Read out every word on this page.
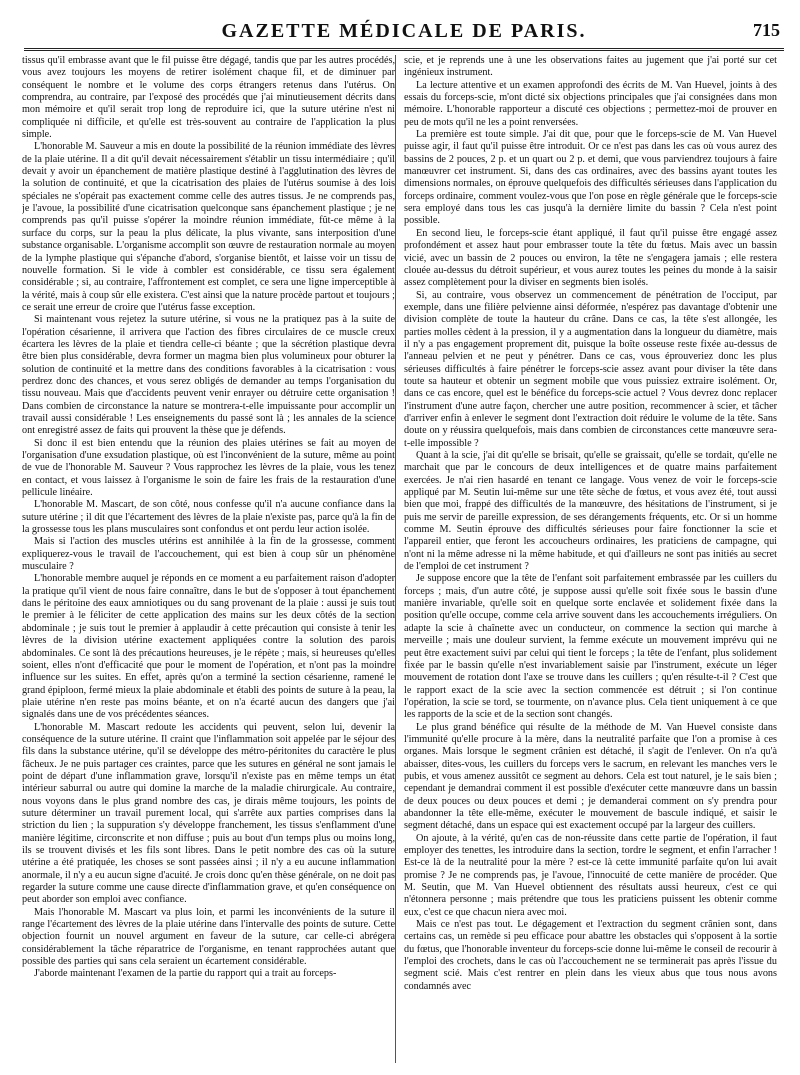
GAZETTE MÉDICALE DE PARIS.	715

tissus qu'il embrasse avant que le fil puisse être dégagé, tandis que par les autres procédés, vous avez toujours les moyens de retirer isolément chaque fil, et de diminuer par conséquent le nombre et le volume des corps étrangers retenus dans l'utérus. On comprendra, au contraire, par l'exposé des procédés que j'ai minutieusement décrits dans mon mémoire et qu'il serait trop long de reproduire ici, que la suture utérine n'est ni compliquée ni difficile, et qu'elle est très-souvent au contraire de l'application la plus simple.

L'honorable M. Sauveur a mis en doute la possibilité de la réunion immédiate des lèvres de la plaie utérine. Il a dit qu'il devait nécessairement s'établir un tissu intermédiaire ; qu'il devait y avoir un épanchement de matière plastique destiné à l'agglutination des lèvres de la solution de continuité, et que la cicatrisation des plaies de l'utérus soumise à des lois spéciales ne s'opérait pas exactement comme celle des autres tissus. Je ne comprends pas, je l'avoue, la possibilité d'une cicatrisation quelconque sans épanchement plastique ; je ne comprends pas qu'il puisse s'opérer la moindre réunion immédiate, fût-ce même à la surface du corps, sur la peau la plus délicate, la plus vivante, sans interposition d'une substance organisable. L'organisme accomplit son œuvre de restauration normale au moyen de la lymphe plastique qui s'épanche d'abord, s'organise bientôt, et laisse voir un tissu de nouvelle formation. Si le vide à combler est considérable, ce tissu sera également considérable ; si, au contraire, l'affrontement est complet, ce sera une ligne imperceptible à la vérité, mais à coup sûr elle existera. C'est ainsi que la nature procède partout et toujours ; ce serait une erreur de croire que l'utérus fasse exception.

Si maintenant vous rejetez la suture utérine, si vous ne la pratiquez pas à la suite de l'opération césarienne, il arrivera que l'action des fibres circulaires de ce muscle creux écartera les lèvres de la plaie et tiendra celle-ci béante ; que la sécrétion plastique devra être bien plus considérable, devra former un magma bien plus volumineux pour obturer la solution de continuité et la mettre dans des conditions favorables à la cicatrisation : vous perdrez donc des chances, et vous serez obligés de demander au temps l'organisation du tissu nouveau. Mais que d'accidents peuvent venir enrayer ou détruire cette organisation ! Dans combien de circonstance la nature se montrera-t-elle impuissante pour accomplir un travail aussi considérable ! Les enseignements du passé sont là ; les annales de la science ont enregistré assez de faits qui prouvent la thèse que je défends.

Si donc il est bien entendu que la réunion des plaies utérines se fait au moyen de l'organisation d'une exsudation plastique, où est l'inconvénient de la suture, même au point de vue de l'honorable M. Sauveur ? Vous rapprochez les lèvres de la plaie, vous les tenez en contact, et vous laissez à l'organisme le soin de faire les frais de la restauration d'une pellicule linéaire.

L'honorable M. Mascart, de son côté, nous confesse qu'il n'a aucune confiance dans la suture utérine ; il dit que l'écartement des lèvres de la plaie n'existe pas, parce qu'à la fin de la grossesse tous les plans musculaires sont confondus et ont perdu leur action isolée.

Mais si l'action des muscles utérins est annihilée à la fin de la grossesse, comment expliquerez-vous le travail de l'accouchement, qui est bien à coup sûr un phénomène musculaire ?

L'honorable membre auquel je réponds en ce moment a eu parfaitement raison d'adopter la pratique qu'il vient de nous faire connaître, dans le but de s'opposer à tout épanchement dans le péritoine des eaux amniotiques ou du sang provenant de la plaie : aussi je suis tout le premier à le féliciter de cette application des mains sur les deux côtés de la section abdominale ; je suis tout le premier à applaudir à cette précaution qui consiste à tenir les lèvres de la division utérine exactement appliquées contre la solution des parois abdominales. Ce sont là des précautions heureuses, je le répète ; mais, si heureuses qu'elles soient, elles n'ont d'efficacité que pour le moment de l'opération, et n'ont pas la moindre influence sur les suites. En effet, après qu'on a terminé la section césarienne, ramené le grand épiploon, fermé mieux la plaie abdominale et établi des points de suture à la peau, la plaie utérine n'en reste pas moins béante, et on n'a écarté aucun des dangers que j'ai signalés dans une de vos précédentes séances.

L'honorable M. Mascart redoute les accidents qui peuvent, selon lui, devenir la conséquence de la suture utérine. Il craint que l'inflammation soit appelée par le séjour des fils dans la substance utérine, qu'il se développe des métro-péritonites du caractère le plus fâcheux. Je ne puis partager ces craintes, parce que les sutures en général ne sont jamais le point de départ d'une inflammation grave, lorsqu'il n'existe pas en même temps un état intérieur saburral ou autre qui domine la marche de la maladie chirurgicale. Au contraire, nous voyons dans le plus grand nombre des cas, je dirais même toujours, les points de suture déterminer un travail purement local, qui s'arrête aux parties comprises dans la striction du lien ; la suppuration s'y développe franchement, les tissus s'enflamment d'une manière légitime, circonscrite et non diffuse ; puis au bout d'un temps plus ou moins long, ils se trouvent divisés et les fils sont libres. Dans le petit nombre des cas où la suture utérine a été pratiquée, les choses se sont passées ainsi ; il n'y a eu aucune inflammation anormale, il n'y a eu aucun signe d'acuité. Je crois donc qu'en thèse générale, on ne doit pas regarder la suture comme une cause directe d'inflammation grave, et qu'en conséquence on peut aborder son emploi avec confiance.

Mais l'honorable M. Mascart va plus loin, et parmi les inconvénients de la suture il range l'écartement des lèvres de la plaie utérine dans l'intervalle des points de suture. Cette objection fournit un nouvel argument en faveur de la suture, car celle-ci abrégera considérablement la tâche réparatrice de l'organisme, en tenant rapprochées autant que possible des parties qui sans cela seraient un écartement considérable.

J'aborde maintenant l'examen de la partie du rapport qui a trait au forceps-

scie, et je reprends une à une les observations faites au jugement que j'ai porté sur cet ingénieux instrument.

La lecture attentive et un examen approfondi des écrits de M. Van Huevel, joints à des essais du forceps-scie, m'ont dicté six objections principales que j'ai consignées dans mon mémoire. L'honorable rapporteur a discuté ces objections ; permettez-moi de prouver en peu de mots qu'il ne les a point renversées.

La première est toute simple. J'ai dit que, pour que le forceps-scie de M. Van Huevel puisse agir, il faut qu'il puisse être introduit. Or ce n'est pas dans les cas où vous aurez des bassins de 2 pouces, 2 p. et un quart ou 2 p. et demi, que vous parviendrez toujours à faire manœuvrer cet instrument. Si, dans des cas ordinaires, avec des bassins ayant toutes les dimensions normales, on éprouve quelquefois des difficultés sérieuses dans l'application du forceps ordinaire, comment voulez-vous que l'on pose en règle générale que le forceps-scie sera employé dans tous les cas jusqu'à la dernière limite du bassin ? Cela n'est point possible.

En second lieu, le forceps-scie étant appliqué, il faut qu'il puisse être engagé assez profondément et assez haut pour embrasser toute la tête du fœtus. Mais avec un bassin vicié, avec un bassin de 2 pouces ou environ, la tête ne s'engagera jamais ; elle restera clouée au-dessus du détroit supérieur, et vous aurez toutes les peines du monde à la saisir assez complètement pour la diviser en segments bien isolés.

Si, au contraire, vous observez un commencement de pénétration de l'occiput, par exemple, dans une filière pelvienne ainsi déformée, n'espérez pas davantage d'obtenir une division complète de toute la hauteur du crâne. Dans ce cas, la tête s'est allongée, les parties molles cèdent à la pression, il y a augmentation dans la longueur du diamètre, mais il n'y a pas engagement proprement dit, puisque la boîte osseuse reste fixée au-dessus de l'anneau pelvien et ne peut y pénétrer. Dans ce cas, vous éprouveriez donc les plus sérieuses difficultés à faire pénétrer le forceps-scie assez avant pour diviser la tête dans toute sa hauteur et obtenir un segment mobile que vous puissiez extraire isolément. Or, dans ce cas encore, quel est le bénéfice du forceps-scie actuel ? Vous devrez donc replacer l'instrument d'une autre façon, chercher une autre position, recommencer à scier, et tâcher d'arriver enfin à enlever le segment dont l'extraction doit réduire le volume de la tête. Sans doute on y réussira quelquefois, mais dans combien de circonstances cette manœuvre sera-t-elle impossible ?

Quant à la scie, j'ai dit qu'elle se brisait, qu'elle se graissait, qu'elle se tordait, qu'elle ne marchait que par le concours de deux intelligences et de quatre mains parfaitement exercées. Je n'ai rien hasardé en tenant ce langage. Vous venez de voir le forceps-scie appliqué par M. Seutin lui-même sur une tête sèche de fœtus, et vous avez été, tout aussi bien que moi, frappé des difficultés de la manœuvre, des hésitations de l'instrument, si je puis me servir de pareille expression, de ses dérangements fréquents, etc. Or si un homme comme M. Seutin éprouve des difficultés sérieuses pour faire fonctionner la scie et l'appareil entier, que feront les accoucheurs ordinaires, les praticiens de campagne, qui n'ont ni la même adresse ni la même habitude, et qui d'ailleurs ne sont pas initiés au secret de l'emploi de cet instrument ?

Je suppose encore que la tête de l'enfant soit parfaitement embrassée par les cuillers du forceps ; mais, d'un autre côté, je suppose aussi qu'elle soit fixée sous le bassin d'une manière invariable, qu'elle soit en quelque sorte enclavée et solidement fixée dans la position qu'elle occupe, comme cela arrive souvent dans les accouchements irréguliers. On adapte la scie à chaînette avec un conducteur, on commence la section qui marche à merveille ; mais une douleur survient, la femme exécute un mouvement imprévu qui ne peut être exactement suivi par celui qui tient le forceps ; la tête de l'enfant, plus solidement fixée par le bassin qu'elle n'est invariablement saisie par l'instrument, exécute un léger mouvement de rotation dont l'axe se trouve dans les cuillers ; qu'en résulte-t-il ? C'est que le rapport exact de la scie avec la section commencée est détruit ; si l'on continue l'opération, la scie se tord, se tourmente, on n'avance plus. Cela tient uniquement à ce que les rapports de la scie et de la section sont changés.

Le plus grand bénéfice qui résulte de la méthode de M. Van Huevel consiste dans l'immunité qu'elle procure à la mère, dans la neutralité parfaite que l'on a promise à ces organes. Mais lorsque le segment crânien est détaché, il s'agit de l'enlever. On n'a qu'à abaisser, dites-vous, les cuillers du forceps vers le sacrum, en relevant les manches vers le pubis, et vous amenez aussitôt ce segment au dehors. Cela est tout naturel, je le sais bien ; cependant je demandrai comment il est possible d'exécuter cette manœuvre dans un bassin de deux pouces ou deux pouces et demi ; je demanderai comment on s'y prendra pour abandonner la tête elle-même, exécuter le mouvement de bascule indiqué, et saisir le segment détaché, dans un espace qui est exactement occupé par la largeur des cuillers.

On ajoute, à la vérité, qu'en cas de non-réussite dans cette partie de l'opération, il faut employer des tenettes, les introduire dans la section, tordre le segment, et enfin l'arracher ! Est-ce là de la neutralité pour la mère ? est-ce là cette immunité parfaite qu'on lui avait promise ? Je ne comprends pas, je l'avoue, l'innocuité de cette manière de procéder. Que M. Seutin, que M. Van Huevel obtiennent des résultats aussi heureux, c'est ce qui n'étonnera personne ; mais prétendre que tous les praticiens puissent les obtenir comme eux, c'est ce que chacun niera avec moi.

Mais ce n'est pas tout. Le dégagement et l'extraction du segment crânien sont, dans certains cas, un remède si peu efficace pour abattre les obstacles qui s'opposent à la sortie du fœtus, que l'honorable inventeur du forceps-scie donne lui-même le conseil de recourir à l'emploi des crochets, dans le cas où l'accouchement ne se terminerait pas après l'issue du segment scié. Mais c'est rentrer en plein dans les vieux abus que tous nous avons condamnés avec
